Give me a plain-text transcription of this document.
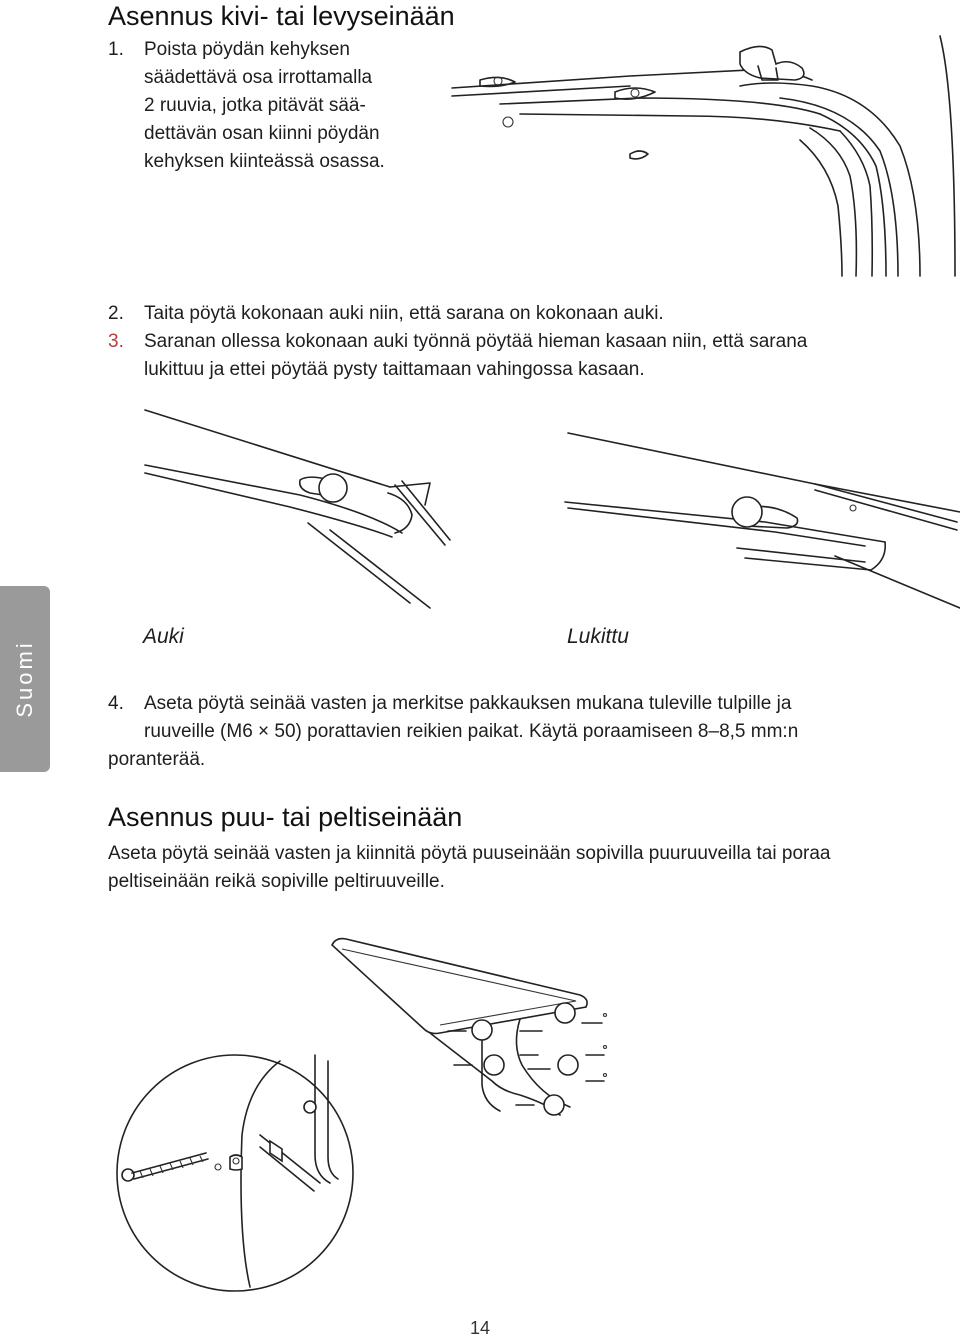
Asennus kivi- tai levyseinään
1. Poista pöydän kehyksen
säädettävä osa irrottamalla
2 ruuvia, jotka pitävät sää-
dettävän osan kiinni pöydän
kehyksen kiinteässä osassa.
2. Taita pöytä kokonaan auki niin, että sarana on kokonaan auki.
3. Saranan ollessa kokonaan auki työnnä pöytää hieman kasaan niin, että sarana
lukittuu ja ettei pöytää pysty taittamaan vahingossa kasaan.
Auki	Lukittu
Suomi	4. Aseta pöytä seinää vasten ja merkitse pakkauksen mukana tuleville tulpille ja
ruuveille (M6 × 50) porattavien reikien paikat. Käytä poraamiseen 8–8,5 mm:n
poranterää.
Asennus puu- tai peltiseinään
Aseta pöytä seinää vasten ja kiinnitä pöytä puuseinään sopivilla puuruuveilla tai poraa
peltiseinään reikä sopiville peltiruuveille.
14
